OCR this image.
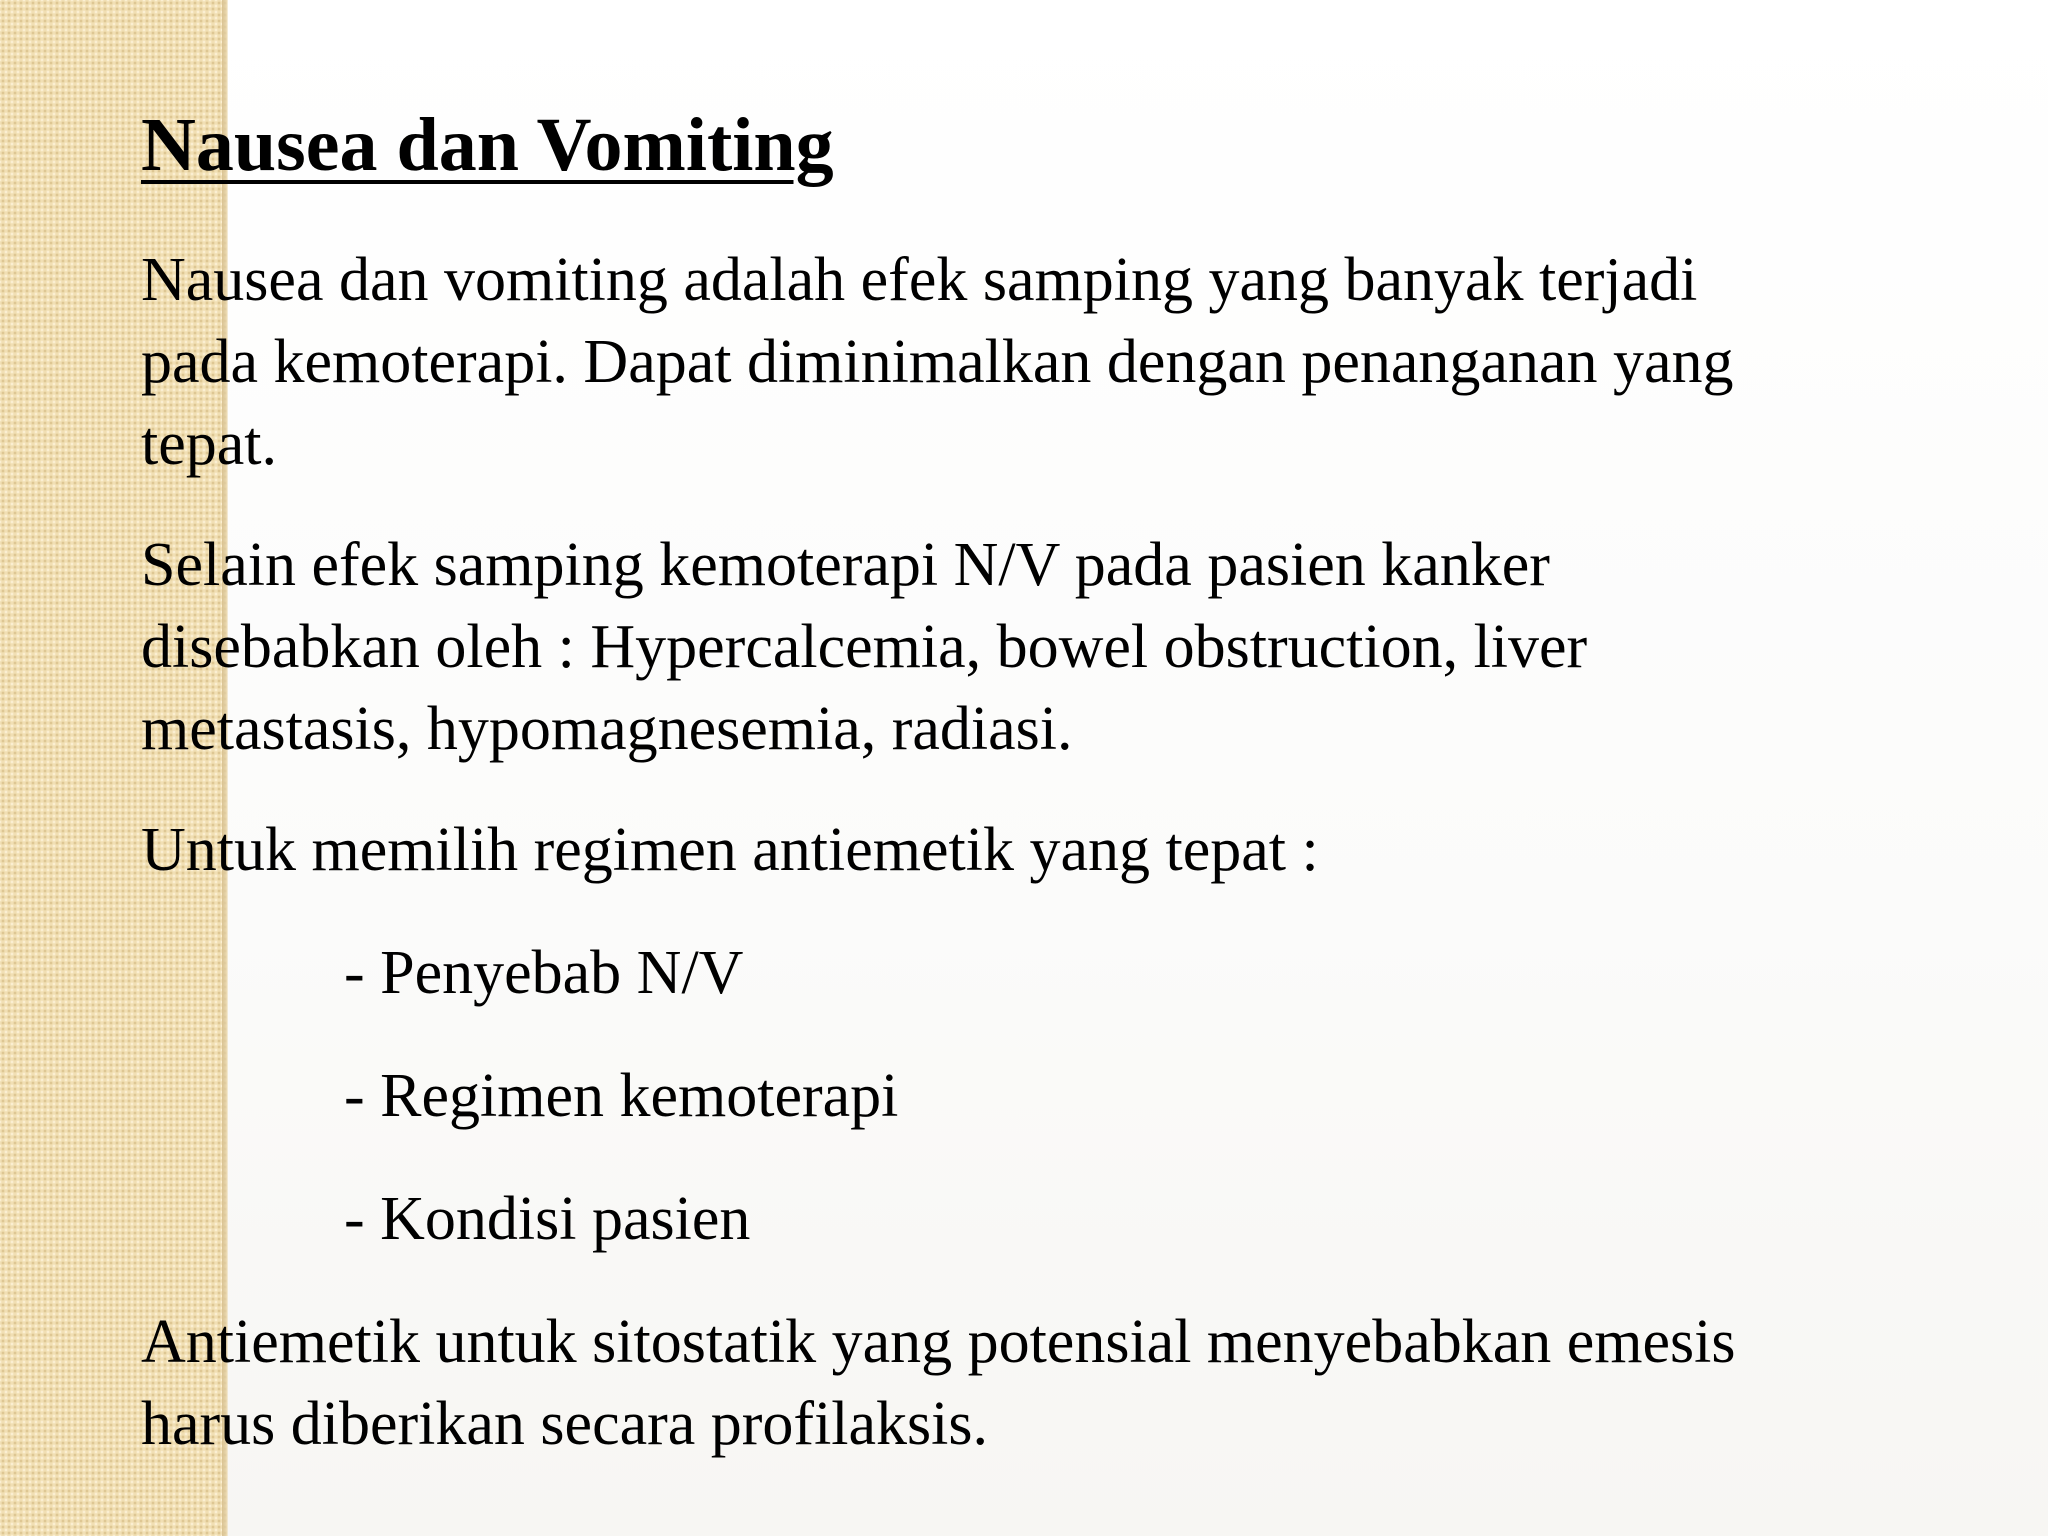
Nausea dan Vomiting

Nausea dan vomiting adalah efek samping yang banyak terjadi
pada kemoterapi. Dapat diminimalkan dengan penanganan yang
tepat.

Selain efek samping kemoterapi N/V pada pasien kanker
disebabkan oleh : Hypercalcemia, bowel obstruction, liver
metastasis, hypomagnesemia, radiasi.

Untuk memilih regimen antiemetik yang tepat :

- Penyebab N/V

- Regimen kemoterapi

- Kondisi pasien

Antiemetik untuk sitostatik yang potensial menyebabkan emesis
harus diberikan secara profilaksis.
